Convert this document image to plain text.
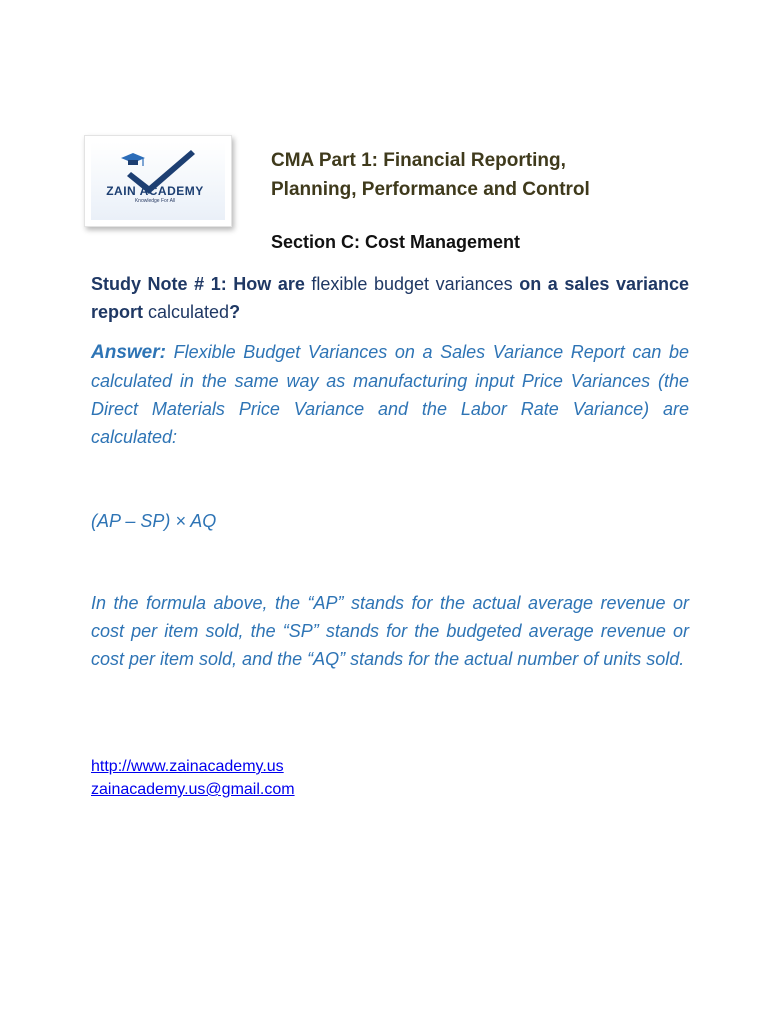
ZAIN ACADEMY
Knowledge For All
CMA Part 1: Financial Reporting,
Planning, Performance and Control
Section C: Cost Management
Study Note # 1: How are flexible budget variances on a sales variance report calculated?
Answer: Flexible Budget Variances on a Sales Variance Report can be calculated in the same way as manufacturing input Price Variances (the Direct Materials Price Variance and the Labor Rate Variance) are calculated:
(AP – SP) × AQ
In the formula above, the “AP” stands for the actual average revenue or cost per item sold, the “SP” stands for the budgeted average revenue or cost per item sold, and the “AQ” stands for the actual number of units sold.
http://www.zainacademy.us
zainacademy.us@gmail.com
